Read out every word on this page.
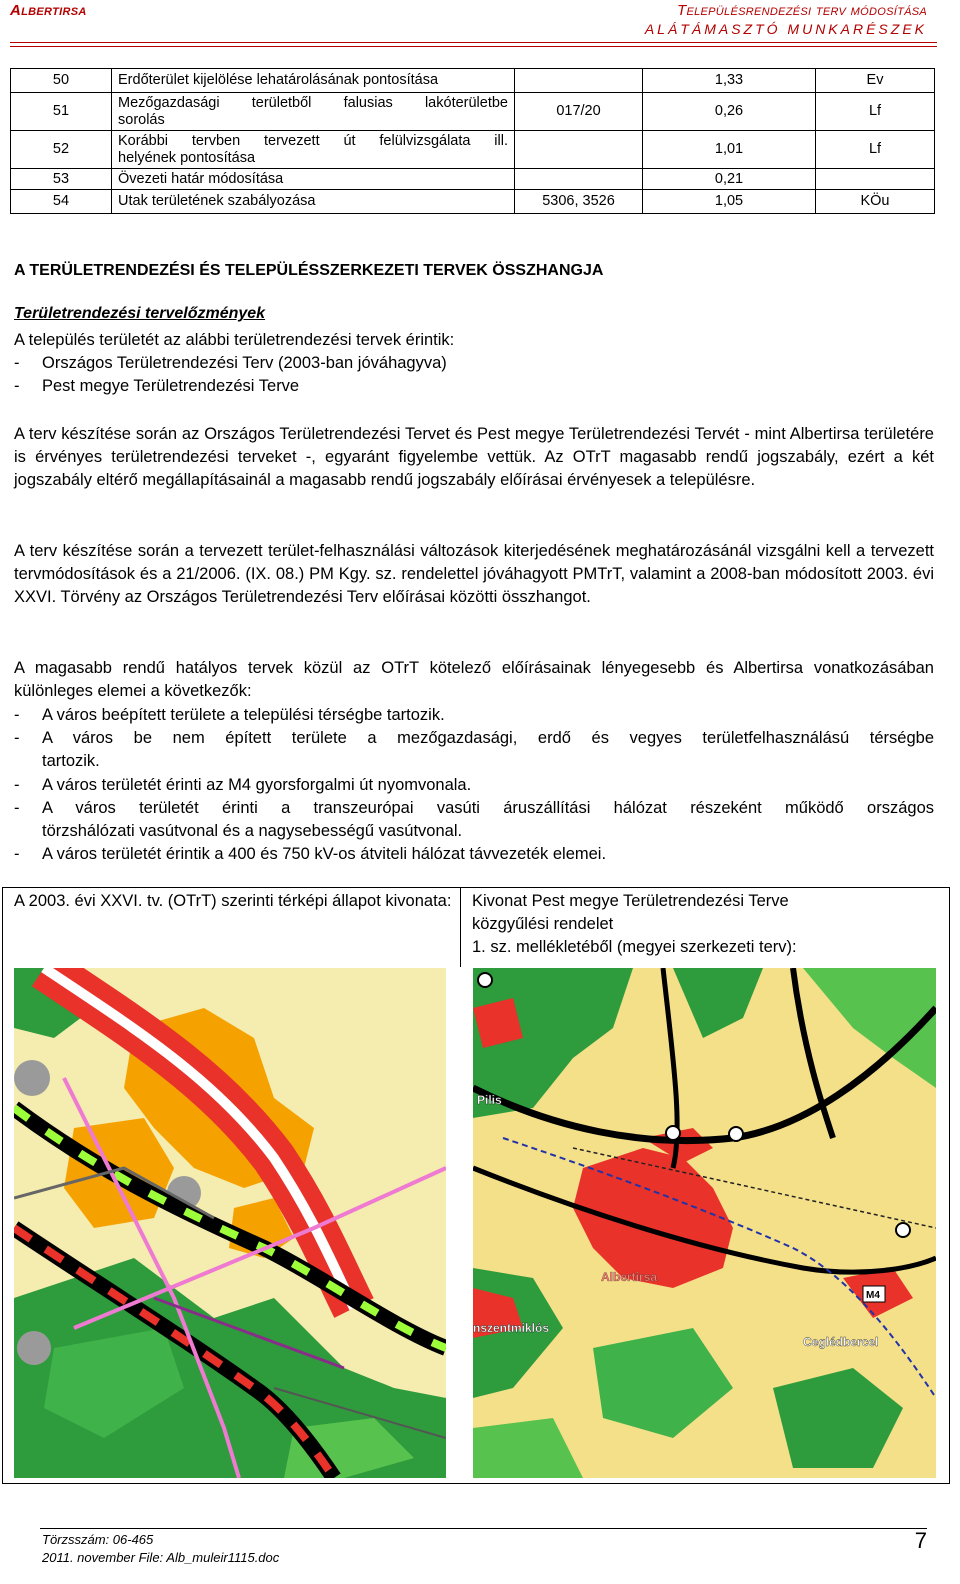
Albertirsa	Településrendezési terv módosítása
ALÁTÁMASZTÓ MUNKARÉSZEK
50	Erdőterület kijelölése lehatárolásának pontosítása		1,33	Ev
51	Mezőgazdasági területből falusias lakóterületbe
sorolás	017/20	0,26	Lf
52	Korábbi tervben tervezett út felülvizsgálata ill.
helyének pontosítása		1,01	Lf
53	Övezeti határ módosítása		0,21	
54	Utak területének szabályozása	5306, 3526	1,05	KÖu
A TERÜLETRENDEZÉSI ÉS TELEPÜLÉSSZERKEZETI TERVEK ÖSSZHANGJA
Területrendezési tervelőzmények
A település területét az alábbi területrendezési tervek érintik:
- Országos Területrendezési Terv (2003-ban jóváhagyva)
- Pest megye Területrendezési Terve
A terv készítése során az Országos Területrendezési Tervet és Pest megye Területrendezési Tervét - mint Albertirsa területére is érvényes területrendezési terveket -, egyaránt figyelembe vettük. Az OTrT magasabb rendű jogszabály, ezért a két jogszabály eltérő megállapításainál a magasabb rendű jogszabály előírásai érvényesek a településre.
A terv készítése során a tervezett terület-felhasználási változások kiterjedésének meghatározásánál vizsgálni kell a tervezett tervmódosítások és a 21/2006. (IX. 08.) PM Kgy. sz. rendelettel jóváhagyott PMTrT, valamint a 2008-ban módosított 2003. évi XXVI. Törvény az Országos Területrendezési Terv előírásai közötti összhangot.
A magasabb rendű hatályos tervek közül az OTrT kötelező előírásainak lényegesebb és Albertirsa vonatkozásában különleges elemei a következők:
- A város beépített területe a települési térségbe tartozik.
- A város be nem épített területe a mezőgazdasági, erdő és vegyes területfelhasználású térségbe
tartozik.
- A város területét érinti az M4 gyorsforgalmi út nyomvonala.
- A város területét érinti a transzeurópai vasúti áruszállítási hálózat részeként működő országos
törzshálózati vasútvonal és a nagysebességű vasútvonal.
- A város területét érintik a 400 és 750 kV-os átviteli hálózat távvezeték elemei.
A 2003. évi XXVI. tv. (OTrT) szerinti térképi állapot kivonata: Kivonat Pest megye Területrendezési Terve
közgyűlési rendelet
1. sz. mellékletéből (megyei szerkezeti terv):
Pilis
Albertirsa
M4
nszentmiklós
Ceglédbercel
Törzsszám: 06-465
2011. november File: Alb_muleir1115.doc
7
